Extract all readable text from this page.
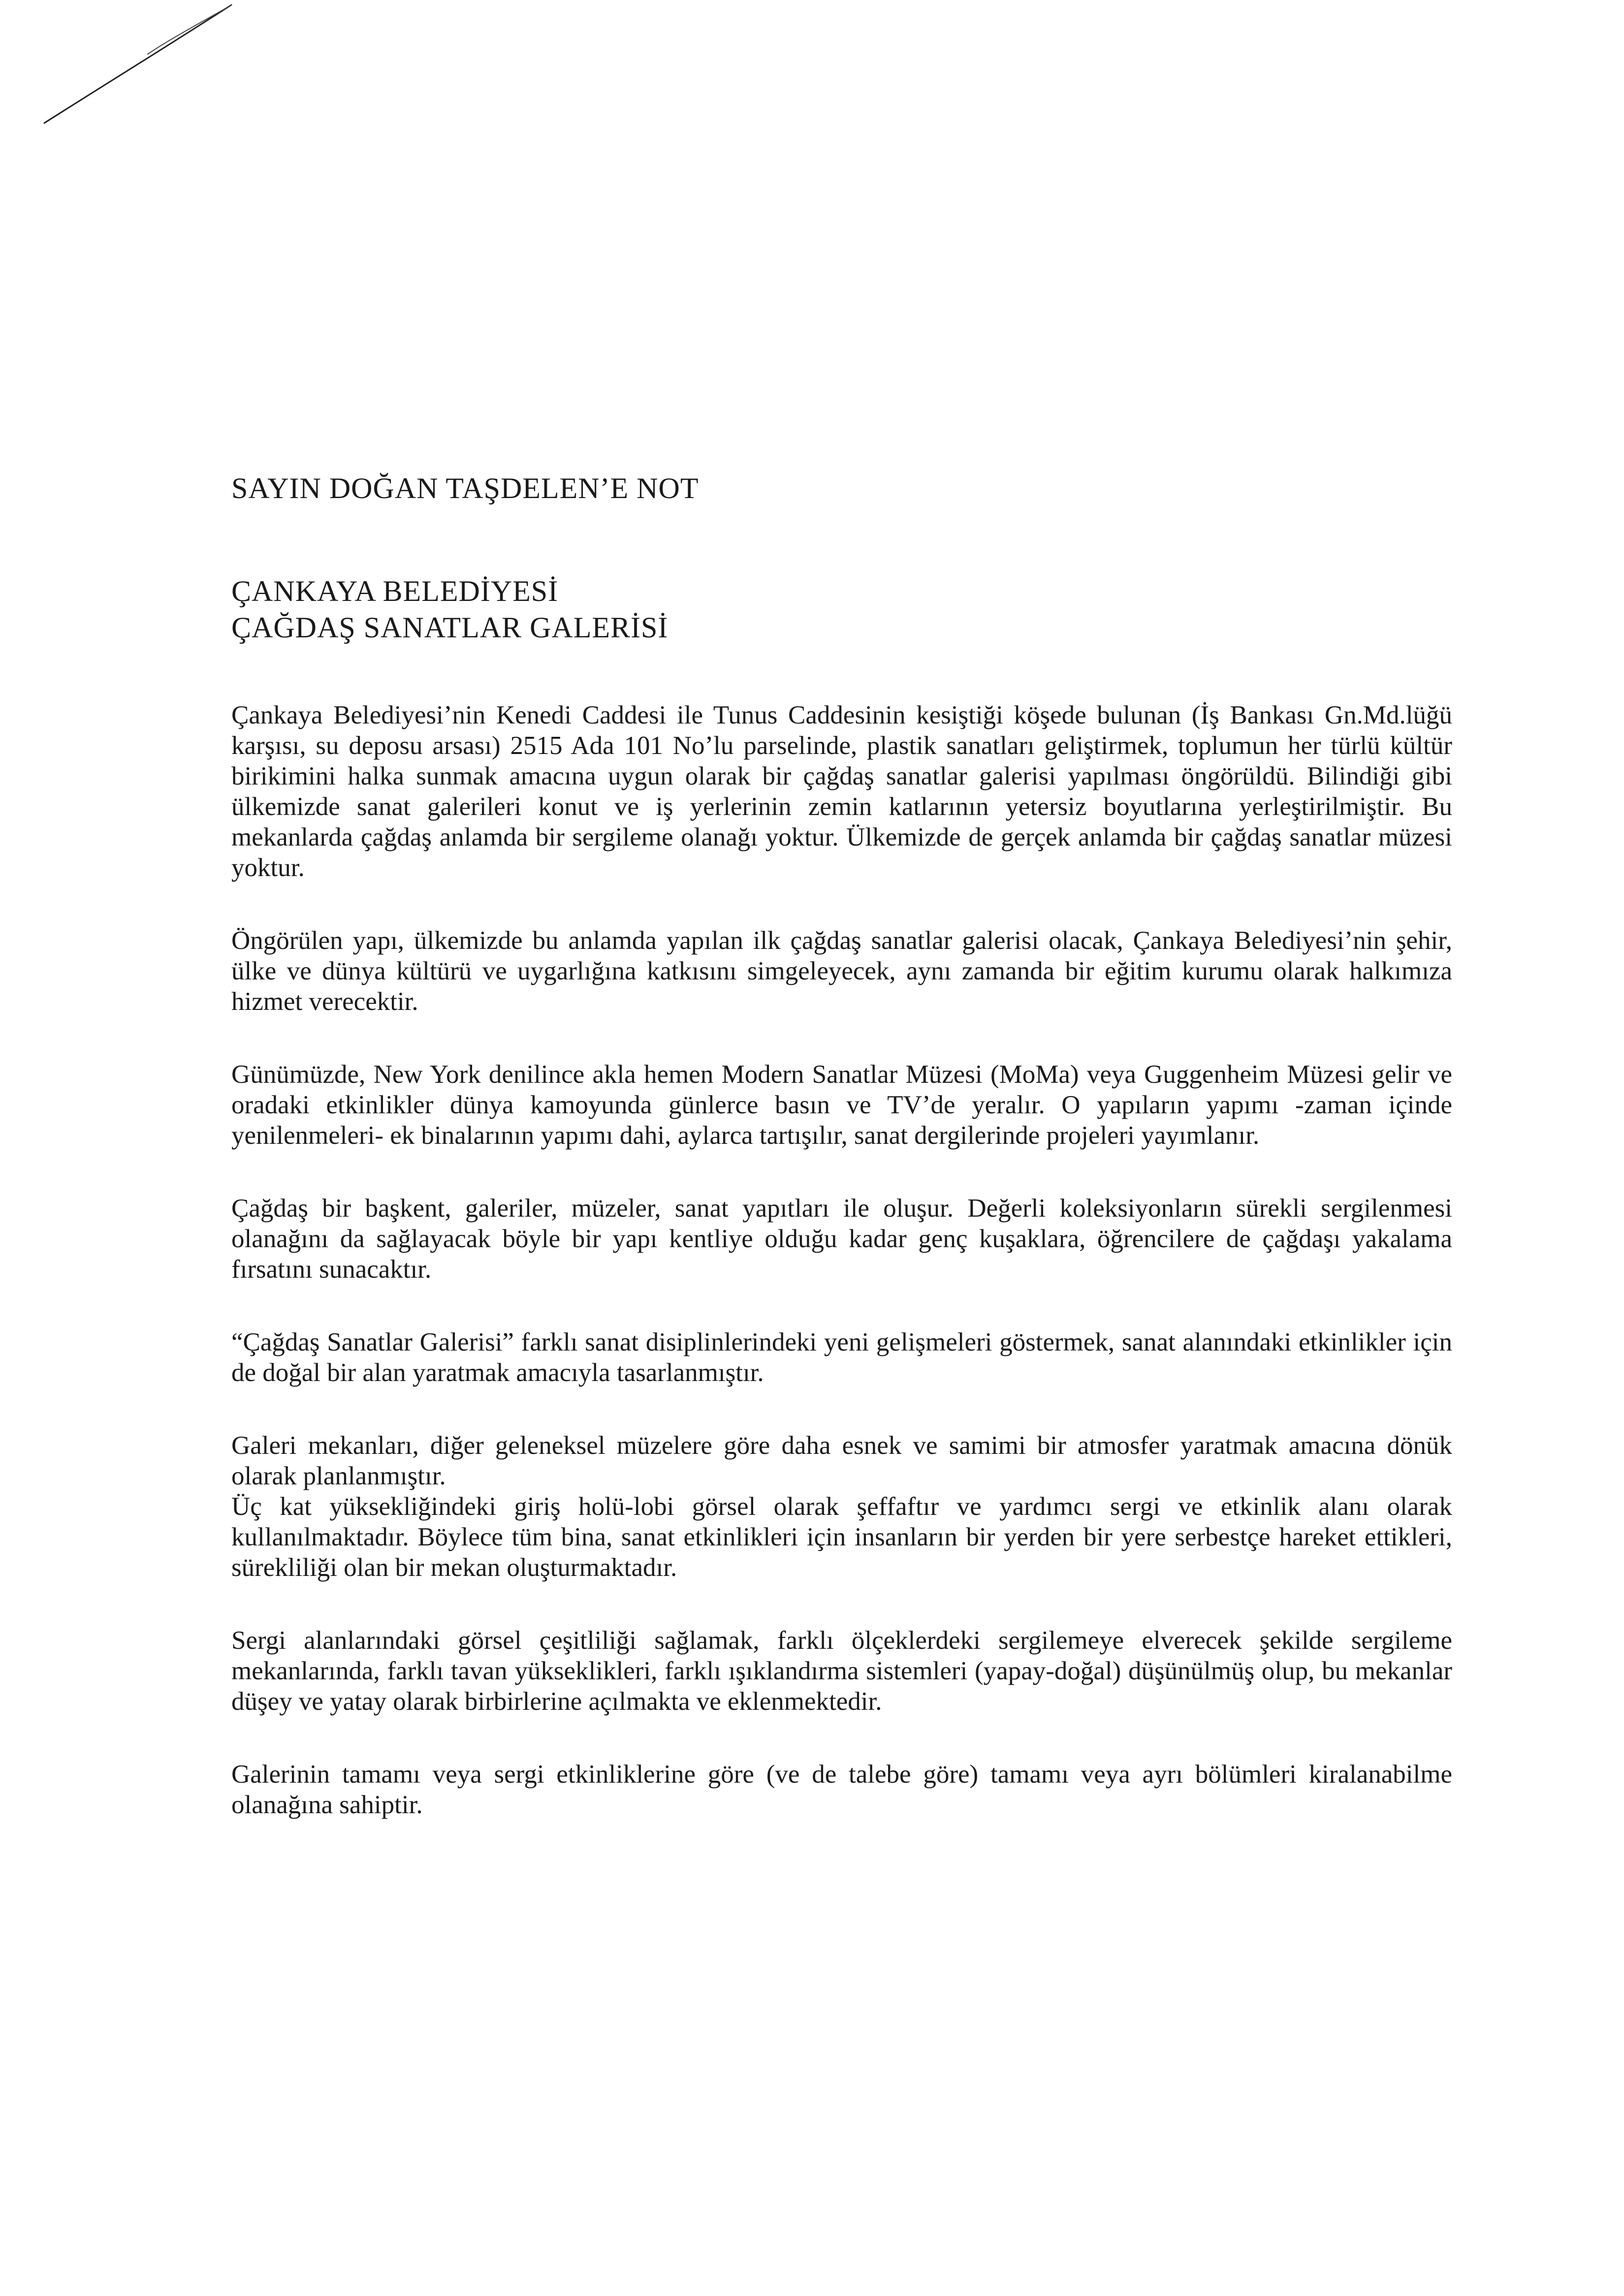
SAYIN DOĞAN TAŞDELEN’E NOT

ÇANKAYA BELEDİYESİ

ÇAĞDAŞ SANATLAR GALERİSİ

Çankaya Belediyesi’nin Kenedi Caddesi ile Tunus Caddesinin kesiştiği köşede bulunan (İş Bankası Gn.Md.lüğü karşısı, su deposu arsası) 2515 Ada 101 No’lu parselinde, plastik sanatları geliştirmek, toplumun her türlü kültür birikimini halka sunmak amacına uygun olarak bir çağdaş sanatlar galerisi yapılması öngörüldü. Bilindiği gibi ülkemizde sanat galerileri konut ve iş yerlerinin zemin katlarının yetersiz boyutlarına yerleştirilmiştir. Bu mekanlarda çağdaş anlamda bir sergileme olanağı yoktur. Ülkemizde de gerçek anlamda bir çağdaş sanatlar müzesi yoktur.

Öngörülen yapı, ülkemizde bu anlamda yapılan ilk çağdaş sanatlar galerisi olacak, Çankaya Belediyesi’nin şehir, ülke ve dünya kültürü ve uygarlığına katkısını simgeleyecek, aynı zamanda bir eğitim kurumu olarak halkımıza hizmet verecektir.

Günümüzde, New York denilince akla hemen Modern Sanatlar Müzesi (MoMa) veya Guggenheim Müzesi gelir ve oradaki etkinlikler dünya kamoyunda günlerce basın ve TV’de yeralır. O yapıların yapımı -zaman içinde yenilenmeleri- ek binalarının yapımı dahi, aylarca tartışılır, sanat dergilerinde projeleri yayımlanır.

Çağdaş bir başkent, galeriler, müzeler, sanat yapıtları ile oluşur. Değerli koleksiyonların sürekli sergilenmesi olanağını da sağlayacak böyle bir yapı kentliye olduğu kadar genç kuşaklara, öğrencilere de çağdaşı yakalama fırsatını sunacaktır.

“Çağdaş Sanatlar Galerisi” farklı sanat disiplinlerindeki yeni gelişmeleri göstermek, sanat alanındaki etkinlikler için de doğal bir alan yaratmak amacıyla tasarlanmıştır.

Galeri mekanları, diğer geleneksel müzelere göre daha esnek ve samimi bir atmosfer yaratmak amacına dönük olarak planlanmıştır.

Üç kat yüksekliğindeki giriş holü-lobi görsel olarak şeffaftır ve yardımcı sergi ve etkinlik alanı olarak kullanılmaktadır. Böylece tüm bina, sanat etkinlikleri için insanların bir yerden bir yere serbestçe hareket ettikleri, sürekliliği olan bir mekan oluşturmaktadır.

Sergi alanlarındaki görsel çeşitliliği sağlamak, farklı ölçeklerdeki sergilemeye elverecek şekilde sergileme mekanlarında, farklı tavan yükseklikleri, farklı ışıklandırma sistemleri (yapay-doğal) düşünülmüş olup, bu mekanlar düşey ve yatay olarak birbirlerine açılmakta ve eklenmektedir.

Galerinin tamamı veya sergi etkinliklerine göre (ve de talebe göre) tamamı veya ayrı bölümleri kiralanabilme olanağına sahiptir.
